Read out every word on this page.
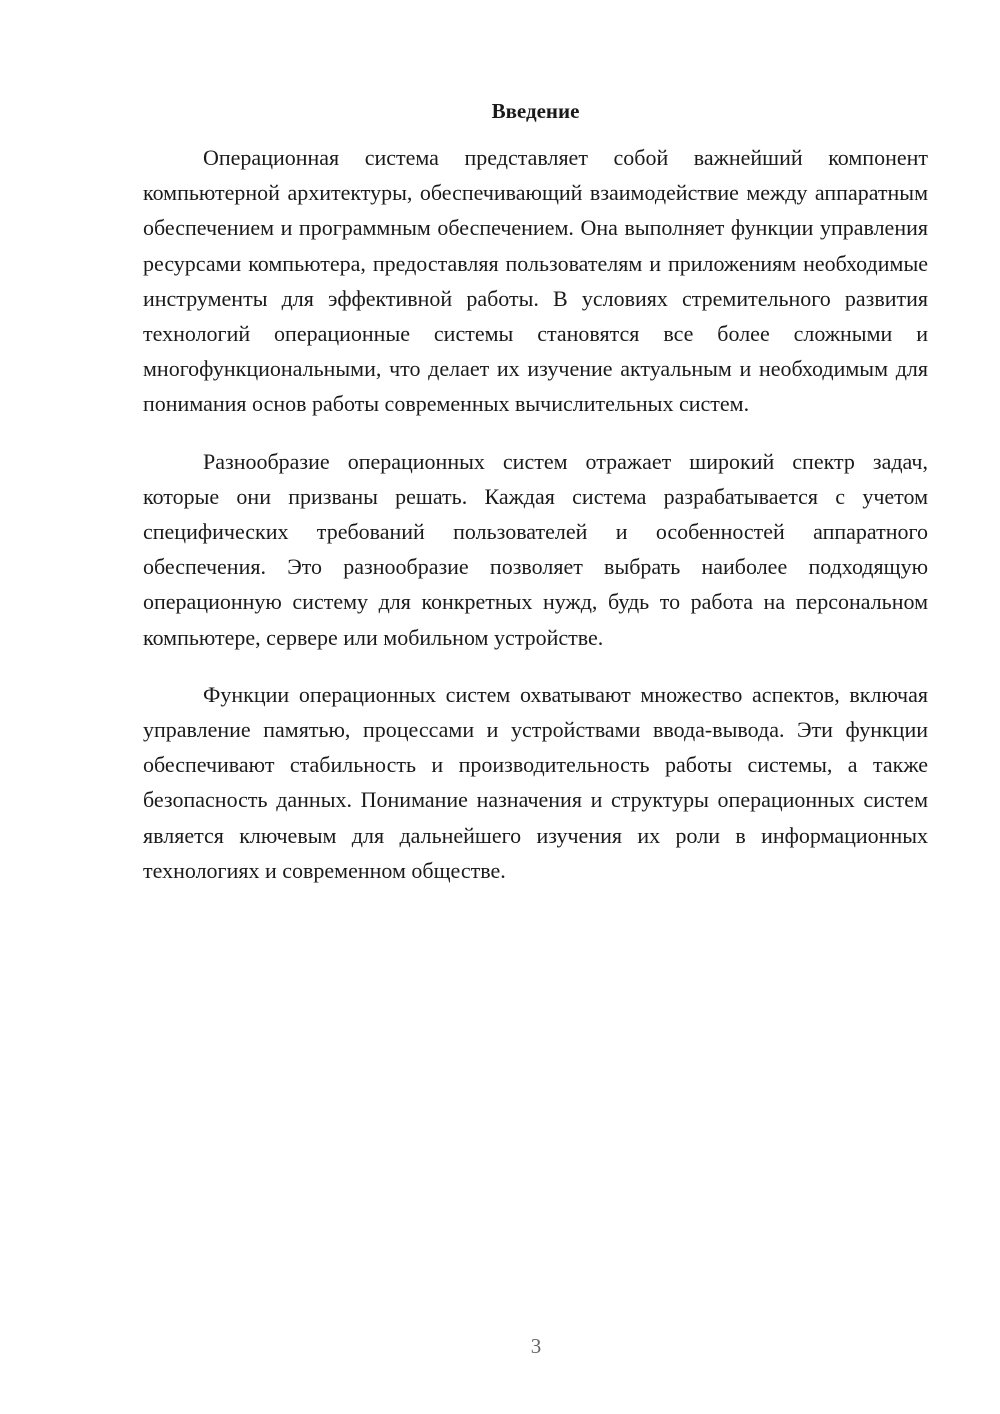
Введение

Операционная система представляет собой важнейший компонент компьютерной архитектуры, обеспечивающий взаимодействие между аппаратным обеспечением и программным обеспечением. Она выполняет функции управления ресурсами компьютера, предоставляя пользователям и приложениям необходимые инструменты для эффективной работы. В условиях стремительного развития технологий операционные системы становятся все более сложными и многофункциональными, что делает их изучение актуальным и необходимым для понимания основ работы современных вычислительных систем.

Разнообразие операционных систем отражает широкий спектр задач, которые они призваны решать. Каждая система разрабатывается с учетом специфических требований пользователей и особенностей аппаратного обеспечения. Это разнообразие позволяет выбрать наиболее подходящую операционную систему для конкретных нужд, будь то работа на персональном компьютере, сервере или мобильном устройстве.

Функции операционных систем охватывают множество аспектов, включая управление памятью, процессами и устройствами ввода-вывода. Эти функции обеспечивают стабильность и производительность работы системы, а также безопасность данных. Понимание назначения и структуры операционных систем является ключевым для дальнейшего изучения их роли в информационных технологиях и современном обществе.

3
